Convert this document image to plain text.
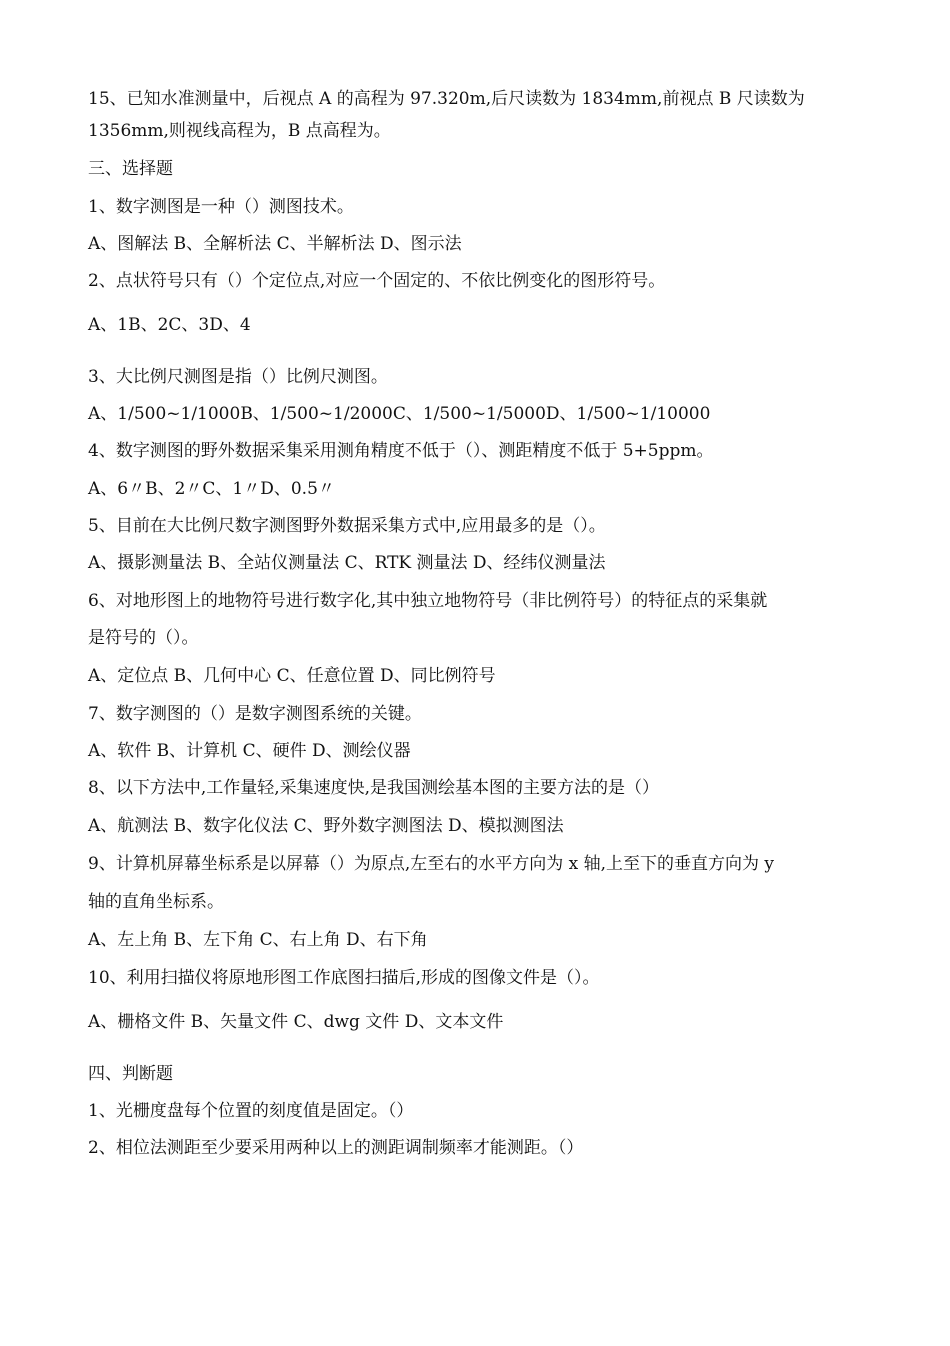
15、已知水准测量中，后视点 A 的高程为 97.320m,后尺读数为 1834mm,前视点 B 尺读数为

1356mm,则视线高程为，B 点高程为。

三、选择题

1、数字测图是一种（）测图技术。

A、图解法 B、全解析法 C、半解析法 D、图示法

2、点状符号只有（）个定位点,对应一个固定的、不依比例变化的图形符号。

A、1B、2C、3D、4

3、大比例尺测图是指（）比例尺测图。

A、1/500~1/1000B、1/500~1/2000C、1/500~1/5000D、1/500~1/10000

4、数字测图的野外数据采集采用测角精度不低于（）、测距精度不低于 5+5ppm。

A、6〃B、2〃C、1〃D、0.5〃

5、目前在大比例尺数字测图野外数据采集方式中,应用最多的是（）。

A、摄影测量法 B、全站仪测量法 C、RTK 测量法 D、经纬仪测量法

6、对地形图上的地物符号进行数字化,其中独立地物符号（非比例符号）的特征点的采集就

是符号的（）。

A、定位点 B、几何中心 C、任意位置 D、同比例符号

7、数字测图的（）是数字测图系统的关键。

A、软件 B、计算机 C、硬件 D、测绘仪器

8、以下方法中,工作量轻,采集速度快,是我国测绘基本图的主要方法的是（）

A、航测法 B、数字化仪法 C、野外数字测图法 D、模拟测图法

9、计算机屏幕坐标系是以屏幕（）为原点,左至右的水平方向为 x 轴,上至下的垂直方向为 y

轴的直角坐标系。

A、左上角 B、左下角 C、右上角 D、右下角

10、利用扫描仪将原地形图工作底图扫描后,形成的图像文件是（）。

A、栅格文件 B、矢量文件 C、dwg 文件 D、文本文件

四、判断题

1、光栅度盘每个位置的刻度值是固定。（）

2、相位法测距至少要采用两种以上的测距调制频率才能测距。（）
